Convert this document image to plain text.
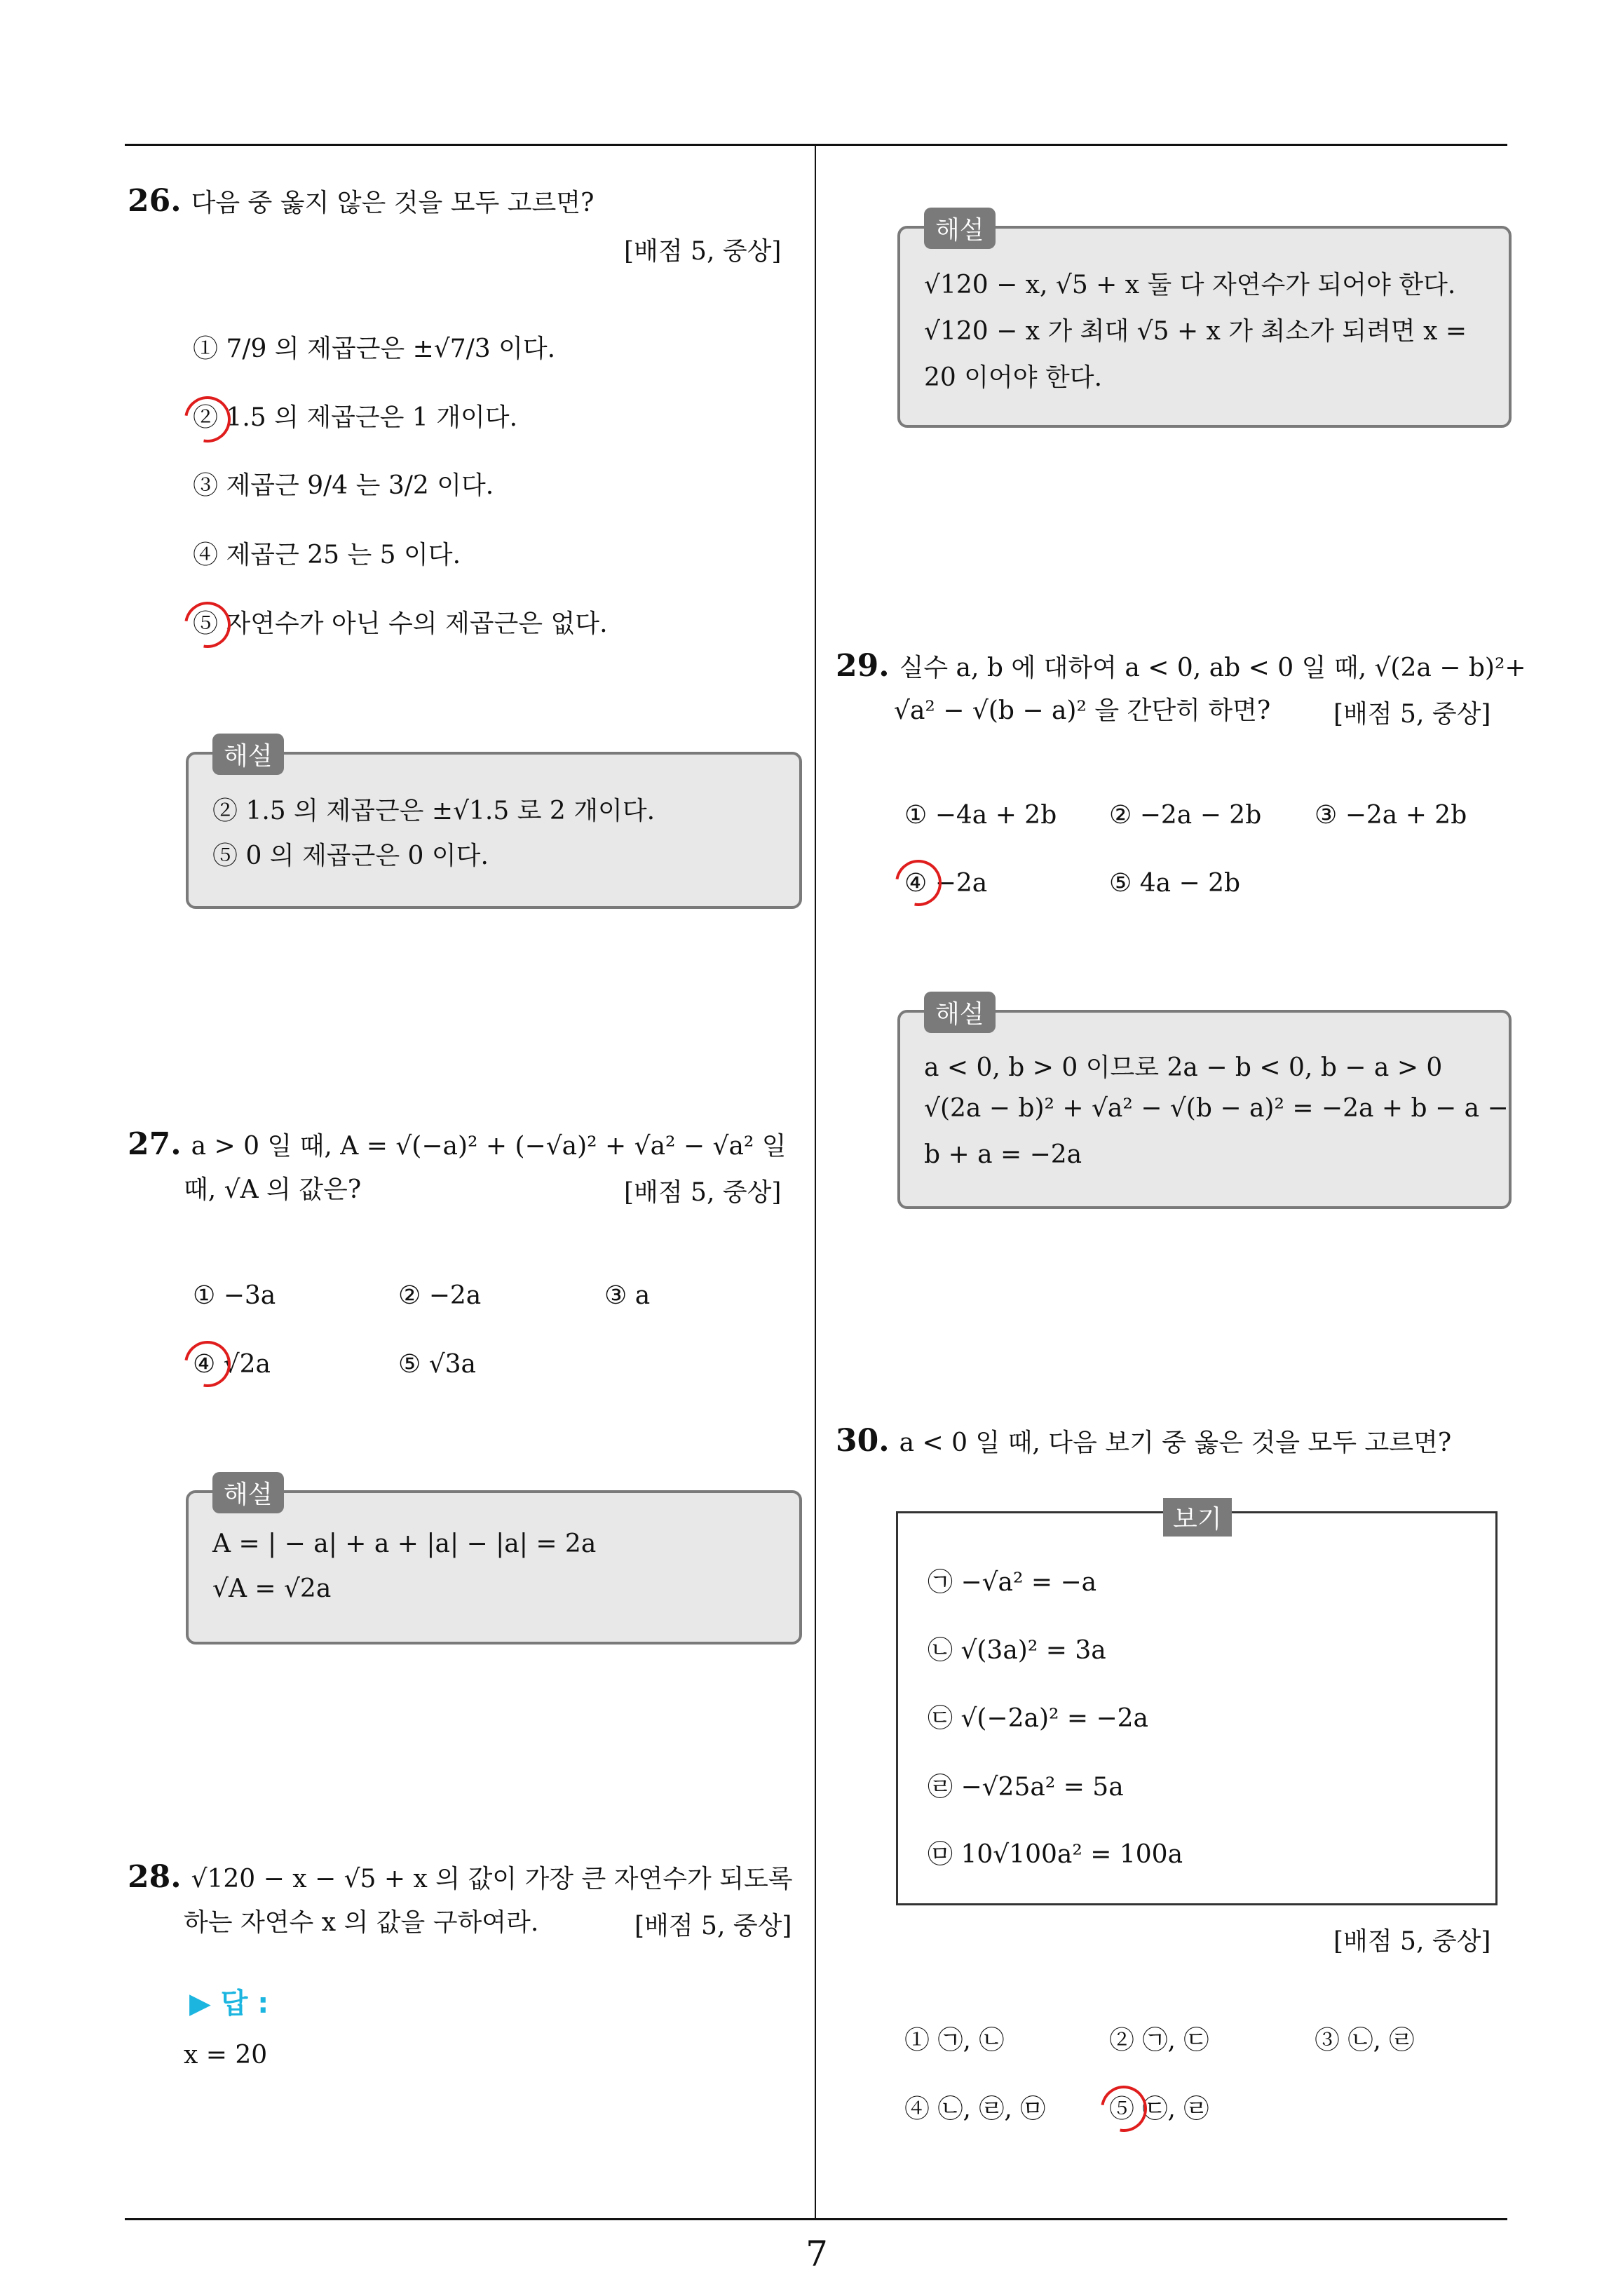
26. 다음 중 옳지 않은 것을 모두 고르면?
[배점 5, 중상]
① 7/9 의 제곱근은 ±√7/3 이다.
② 1.5 의 제곱근은 1 개이다.
③ 제곱근 9/4 는 3/2 이다.
④ 제곱근 25 는 5 이다.
⑤ 자연수가 아닌 수의 제곱근은 없다.
해설
② 1.5 의 제곱근은 ±√1.5 로 2 개이다.
⑤ 0 의 제곱근은 0 이다.
27. a > 0 일 때, A = √(−a)² + (−√a)² + √a² − √a² 일
때, √A 의 값은?	[배점 5, 중상]
① −3a	② −2a	③ a
④ √2a	⑤ √3a
해설
A = | − a| + a + |a| − |a| = 2a
√A = √2a
28. √120 − x − √5 + x 의 값이 가장 큰 자연수가 되도록
하는 자연수 x 의 값을 구하여라.	[배점 5, 중상]
▶ 답 :
x = 20
해설
√120 − x, √5 + x 둘 다 자연수가 되어야 한다.
√120 − x 가 최대 √5 + x 가 최소가 되려면 x =
20 이어야 한다.
29. 실수 a, b 에 대하여 a < 0, ab < 0 일 때, √(2a − b)²+
√a² − √(b − a)² 을 간단히 하면? [배점 5, 중상]
① −4a + 2b ② −2a − 2b ③ −2a + 2b
④ −2a	⑤ 4a − 2b
해설
a < 0, b > 0 이므로 2a − b < 0, b − a > 0
√(2a − b)² + √a² − √(b − a)² = −2a + b − a −
b + a = −2a
30. a < 0 일 때, 다음 보기 중 옳은 것을 모두 고르면?
보기
㉠ −√a² = −a
㉡ √(3a)² = 3a
㉢ √(−2a)² = −2a
㉣ −√25a² = 5a
㉤ 10√100a² = 100a
[배점 5, 중상]
① ㉠, ㉡	② ㉠, ㉢	③ ㉡, ㉣
④ ㉡, ㉣, ㉤	⑤ ㉢, ㉣
7
